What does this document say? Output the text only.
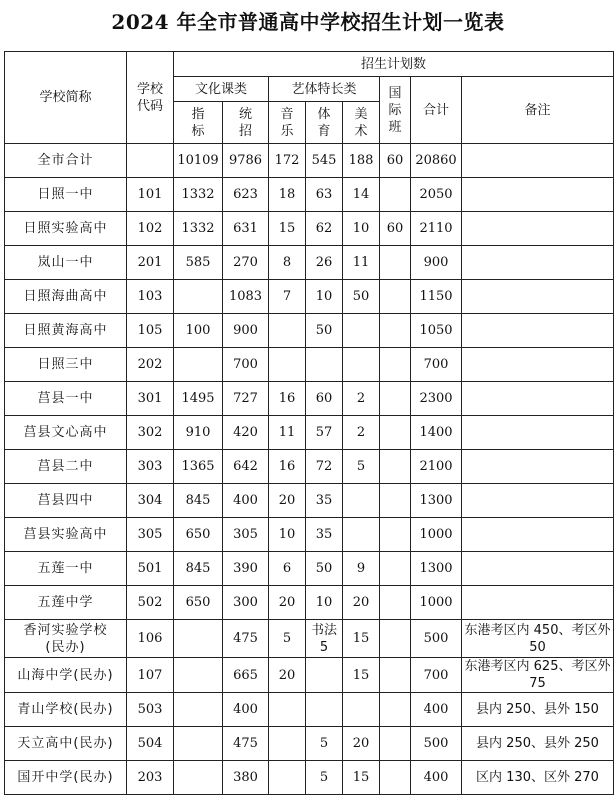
2024 年全市普通高中学校招生计划一览表
学校简称	学校代码	招生计划数							
		文化课类		艺体特长类			国际班	合计	备注
		指标	统招	音乐	体育	美术			
全市合计		10109	9786	172	545	188	60	20860	
日照一中	101	1332	623	18	63	14		2050	
日照实验高中	102	1332	631	15	62	10	60	2110	
岚山一中	201	585	270	8	26	11		900	
日照海曲高中	103		1083	7	10	50		1150	
日照黄海高中	105	100	900		50			1050	
日照三中	202		700					700	
莒县一中	301	1495	727	16	60	2		2300	
莒县文心高中	302	910	420	11	57	2		1400	
莒县二中	303	1365	642	16	72	5		2100	
莒县四中	304	845	400	20	35			1300	
莒县实验高中	305	650	305	10	35			1000	
五莲一中	501	845	390	6	50	9		1300	
五莲中学	502	650	300	20	10	20		1000	

香河实验学校
(民办)	106		475	5	书法 5	15		500	东港考区内 450、考区外 50
山海中学(民办)	107		665	20		15		700	东港考区内 625、考区外 75
青山学校(民办)	503		400					400	县内 250、县外 150
天立高中(民办)	504		475		5	20		500	县内 250、县外 250
国开中学(民办)	203		380		5	15		400	区内 130、区外 270
